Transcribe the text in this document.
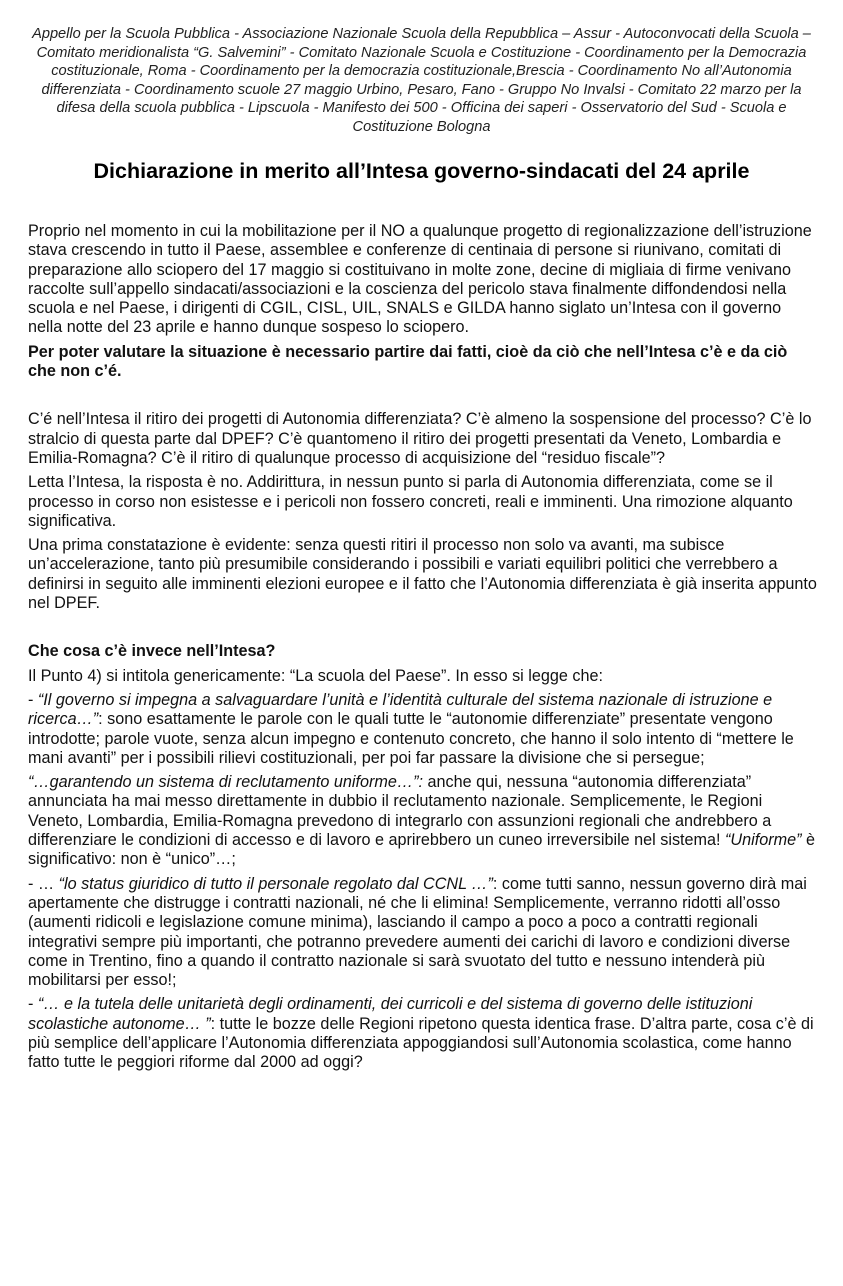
Appello per la Scuola Pubblica - Associazione Nazionale Scuola della Repubblica – Assur - Autoconvocati della Scuola – Comitato meridionalista “G. Salvemini” - Comitato Nazionale Scuola e Costituzione - Coordinamento per la Democrazia costituzionale, Roma - Coordinamento per la democrazia costituzionale,Brescia - Coordinamento No all’Autonomia differenziata - Coordinamento scuole 27 maggio Urbino, Pesaro, Fano - Gruppo No Invalsi - Comitato 22 marzo per la difesa della scuola pubblica - Lipscuola - Manifesto dei 500 - Officina dei saperi - Osservatorio del Sud - Scuola e Costituzione Bologna
Dichiarazione in merito all’Intesa governo-sindacati del 24 aprile

Proprio nel momento in cui la mobilitazione per il NO a qualunque progetto di regionalizzazione dell’istruzione stava crescendo in tutto il Paese, assemblee e conferenze di centinaia di persone si riunivano, comitati di preparazione allo sciopero del 17 maggio si costituivano in molte zone, decine di migliaia di firme venivano raccolte sull’appello sindacati/associazioni e la coscienza del pericolo stava finalmente diffondendosi nella scuola e nel Paese, i dirigenti di CGIL, CISL, UIL, SNALS e GILDA hanno siglato un’Intesa con il governo nella notte del 23 aprile e hanno dunque sospeso lo sciopero.

Per poter valutare la situazione è necessario partire dai fatti, cioè da ciò che nell’Intesa c’è e da ciò che non c’é.

C’é nell’Intesa il ritiro dei progetti di Autonomia differenziata? C’è almeno la sospensione del processo? C’è lo stralcio di questa parte dal DPEF? C’è quantomeno il ritiro dei progetti presentati da Veneto, Lombardia e Emilia-Romagna? C’è il ritiro di qualunque processo di acquisizione del “residuo fiscale”?

Letta l’Intesa, la risposta è no. Addirittura, in nessun punto si parla di Autonomia differenziata, come se il processo in corso non esistesse e i pericoli non fossero concreti, reali e imminenti. Una rimozione alquanto significativa.

Una prima constatazione è evidente: senza questi ritiri il processo non solo va avanti, ma subisce un’accelerazione, tanto più presumibile considerando i possibili e variati equilibri politici che verrebbero a definirsi in seguito alle imminenti elezioni europee e il fatto che l’Autonomia differenziata è già inserita appunto nel DPEF.

Che cosa c’è invece nell’Intesa?

Il Punto 4) si intitola genericamente: “La scuola del Paese”. In esso si legge che:

- “Il governo si impegna a salvaguardare l’unità e l’identità culturale del sistema nazionale di istruzione e ricerca…”: sono esattamente le parole con le quali tutte le “autonomie differenziate” presentate vengono introdotte; parole vuote, senza alcun impegno e contenuto concreto, che hanno il solo intento di “mettere le mani avanti” per i possibili rilievi costituzionali, per poi far passare la divisione che si persegue;

“…garantendo un sistema di reclutamento uniforme…”: anche qui, nessuna “autonomia differenziata” annunciata ha mai messo direttamente in dubbio il reclutamento nazionale. Semplicemente, le Regioni Veneto, Lombardia, Emilia-Romagna prevedono di integrarlo con assunzioni regionali che andrebbero a differenziare le condizioni di accesso e di lavoro e aprirebbero un cuneo irreversibile nel sistema! “Uniforme” è significativo: non è “unico”…;

- … “lo status giuridico di tutto il personale regolato dal CCNL …”: come tutti sanno, nessun governo dirà mai apertamente che distrugge i contratti nazionali, né che li elimina! Semplicemente, verranno ridotti all’osso (aumenti ridicoli e legislazione comune minima), lasciando il campo a poco a poco a contratti regionali integrativi sempre più importanti, che potranno prevedere aumenti dei carichi di lavoro e condizioni diverse come in Trentino, fino a quando il contratto nazionale si sarà svuotato del tutto e nessuno intenderà più mobilitarsi per esso!;

- “… e la tutela delle unitarietà degli ordinamenti, dei curricoli e del sistema di governo delle istituzioni scolastiche autonome… ”: tutte le bozze delle Regioni ripetono questa identica frase. D’altra parte, cosa c’è di più semplice dell’applicare l’Autonomia differenziata appoggiandosi sull’Autonomia scolastica, come hanno fatto tutte le peggiori riforme dal 2000 ad oggi?
